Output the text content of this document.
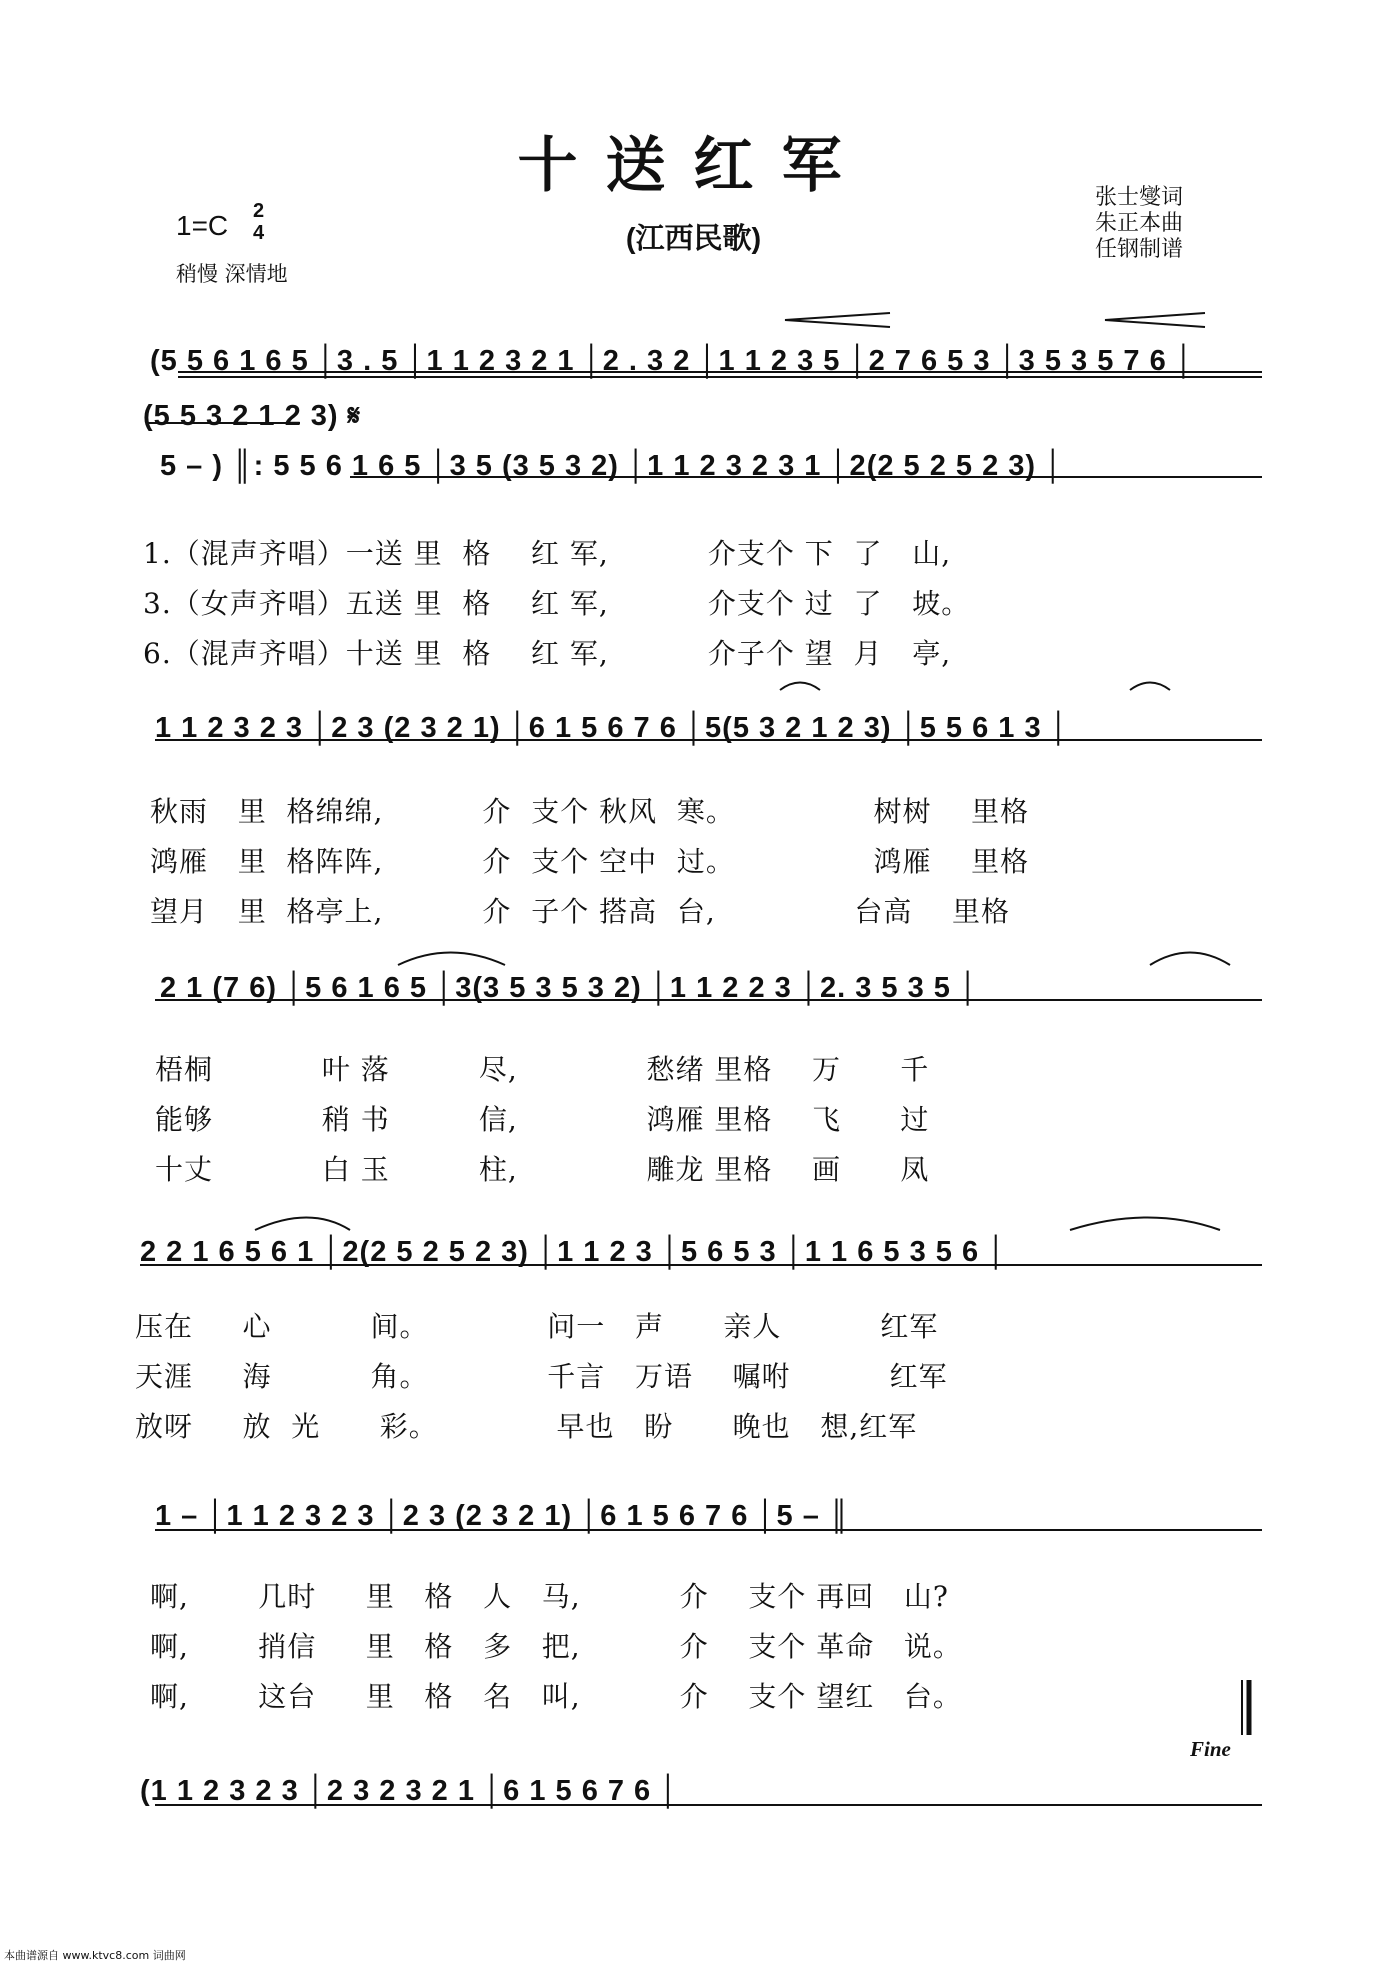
十送红军
(江西民歌)
1=C 2
4
稍慢 深情地
张士燮词
朱正本曲
任钢制谱
(5 5 6 1 6 5 │3 . 5 │1 1 2 3 2 1 │2 . 3 2 │1 1 2 3 5 │2 7 6 5 3 │3 5 3 5 7 6 │
(5 5 3 2 1 2 3) 𝄋
5 – ) ║: 5 5 6 1 6 5 │3 5 (3 5 3 2) │1 1 2 3 2 3 1 │2(2 5 2 5 2 3) │
1.（混声齐唱）一送 里  格    红 军,          介支个 下  了   山,
3.（女声齐唱）五送 里  格    红 军,          介支个 过  了   坡。
6.（混声齐唱）十送 里  格    红 军,          介子个 望  月   亭,
1 1 2 3 2 3 │2 3 (2 3 2 1) │6 1 5 6 7 6 │5(5 3 2 1 2 3) │5 5 6 1 3 │
秋雨   里  格绵绵,          介  支个 秋风  寒。              树树    里格
鸿雁   里  格阵阵,          介  支个 空中  过。              鸿雁    里格
望月   里  格亭上,          介  子个 搭高  台,              台高    里格
2 1 (7 6) │5 6 1 6 5 │3(3 5 3 5 3 2) │1 1 2 2 3 │2. 3 5 3 5 │
梧桐           叶 落         尽,             愁绪 里格    万      千
能够           稍 书         信,             鸿雁 里格    飞      过
十丈           白 玉         柱,             雕龙 里格    画      凤
2 2 1 6 5 6 1 │2(2 5 2 5 2 3) │1 1 2 3 │5 6 5 3 │1 1 6 5 3 5 6 │
压在     心          间。            问一   声      亲人          红军
天涯     海          角。            千言   万语    嘱咐          红军
放呀     放  光      彩。            早也   盼      晚也   想,红军
1 – │1 1 2 3 2 3 │2 3 (2 3 2 1) │6 1 5 6 7 6 │5 – ║
啊,       几时     里   格   人   马,          介    支个 再回   山?
啊,       捎信     里   格   多   把,          介    支个 革命   说。
啊,       这台     里   格   名   叫,          介    支个 望红   台。
Fine
(1 1 2 3 2 3 │2 3 2 3 2 1 │6 1 5 6 7 6 │
本曲谱源自 www.ktvc8.com 词曲网
